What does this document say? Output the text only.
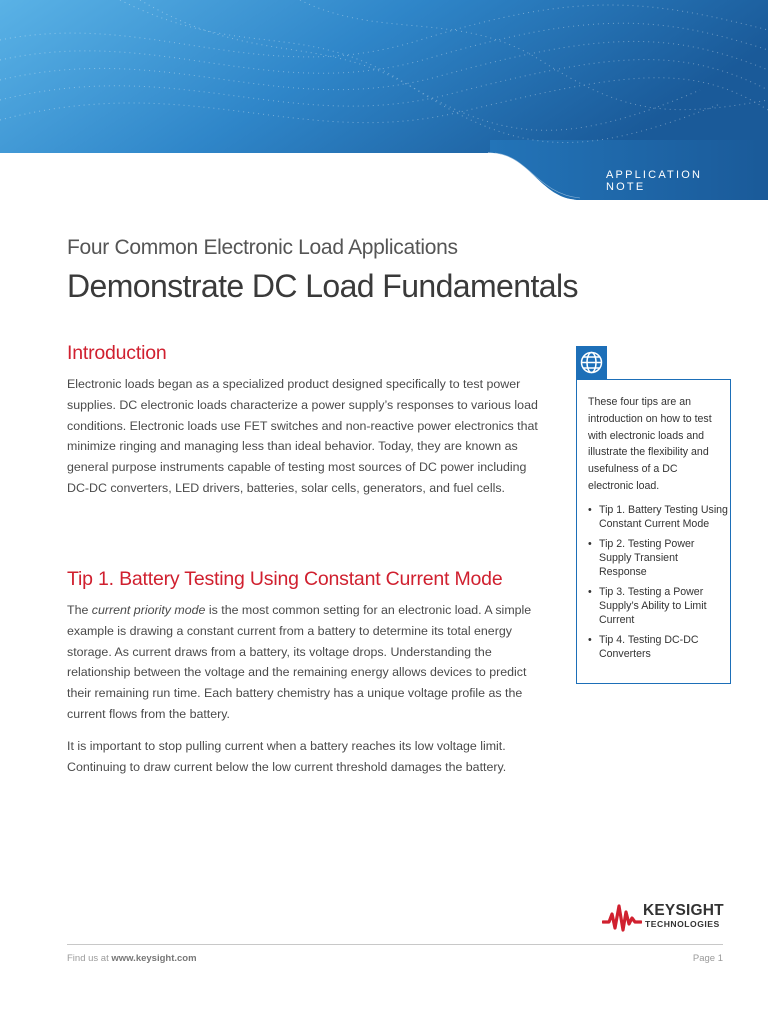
APPLICATION NOTE
Four Common Electronic Load Applications
Demonstrate DC Load Fundamentals
Introduction

Electronic loads began as a specialized product designed specifically to test power supplies. DC electronic loads characterize a power supply’s responses to various load conditions. Electronic loads use FET switches and non-reactive power electronics that minimize ringing and managing less than ideal behavior. Today, they are known as general purpose instruments capable of testing most sources of DC power including DC-DC converters, LED drivers, batteries, solar cells, generators, and fuel cells.

Tip 1. Battery Testing Using Constant Current Mode

The current priority mode is the most common setting for an electronic load. A simple example is drawing a constant current from a battery to determine its total energy storage. As current draws from a battery, its voltage drops. Understanding the relationship between the voltage and the remaining energy allows devices to predict their remaining run time. Each battery chemistry has a unique voltage profile as the current flows from the battery.

It is important to stop pulling current when a battery reaches its low voltage limit. Continuing to draw current below the low current threshold damages the battery.

These four tips are an introduction on how to test with electronic loads and illustrate the flexibility and usefulness of a DC electronic load.

• Tip 1. Battery Testing Using Constant Current Mode
• Tip 2. Testing Power Supply Transient Response
• Tip 3. Testing a Power Supply’s Ability to Limit Current
• Tip 4. Testing DC-DC Converters
KEYSIGHT
TECHNOLOGIES
Find us at www.keysight.com	Page 1
